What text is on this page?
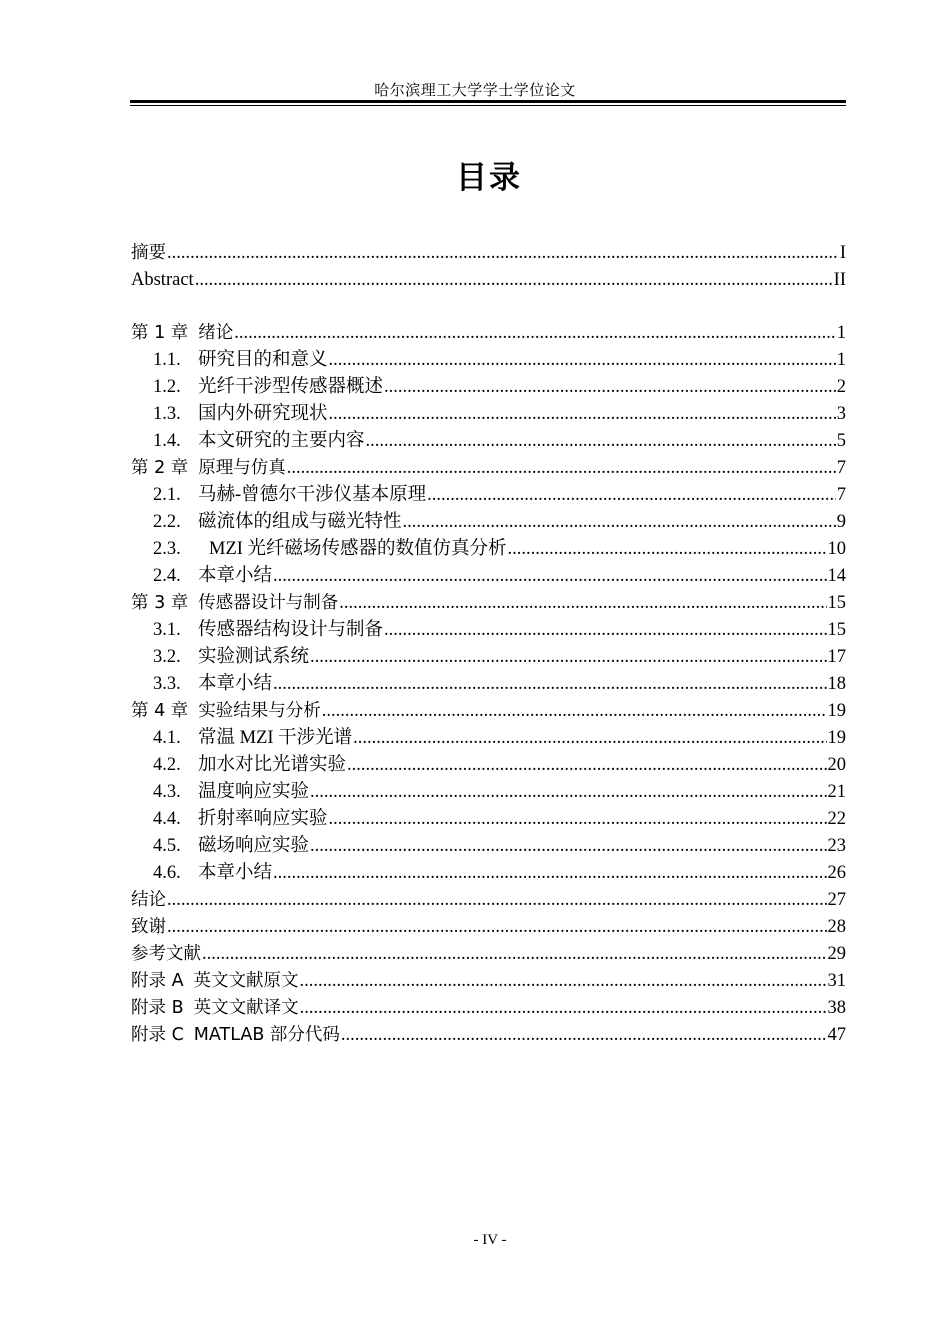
哈尔滨理工大学学士学位论文
目录
摘要 .....	I
Abstract .....	II
第 1 章 绪论 .....	1
1.1. 研究目的和意义 .....	1
1.2. 光纤干涉型传感器概述 .....	2
1.3. 国内外研究现状 .....	3
1.4. 本文研究的主要内容 .....	5
第 2 章 原理与仿真 .....	7
2.1. 马赫-曾德尔干涉仪基本原理 .....	7
2.2. 磁流体的组成与磁光特性 .....	9
2.3.	MZI 光纤磁场传感器的数值仿真分析 .....	10
2.4. 本章小结 .....	14
第 3 章 传感器设计与制备 .....	15
3.1. 传感器结构设计与制备 .....	15
3.2. 实验测试系统 .....	17
3.3. 本章小结 .....	18
第 4 章 实验结果与分析 .....	19
4.1. 常温 MZI 干涉光谱 .....	19
4.2. 加水对比光谱实验 .....	20
4.3. 温度响应实验 .....	21
4.4. 折射率响应实验 .....	22
4.5. 磁场响应实验 .....	23
4.6. 本章小结 .....	26
结论 .....	27
致谢 .....	28
参考文献 .....	29
附录 A 英文文献原文 .....	31
附录 B 英文文献译文 .....	38
附录 C MATLAB 部分代码 .....	47
- IV -
